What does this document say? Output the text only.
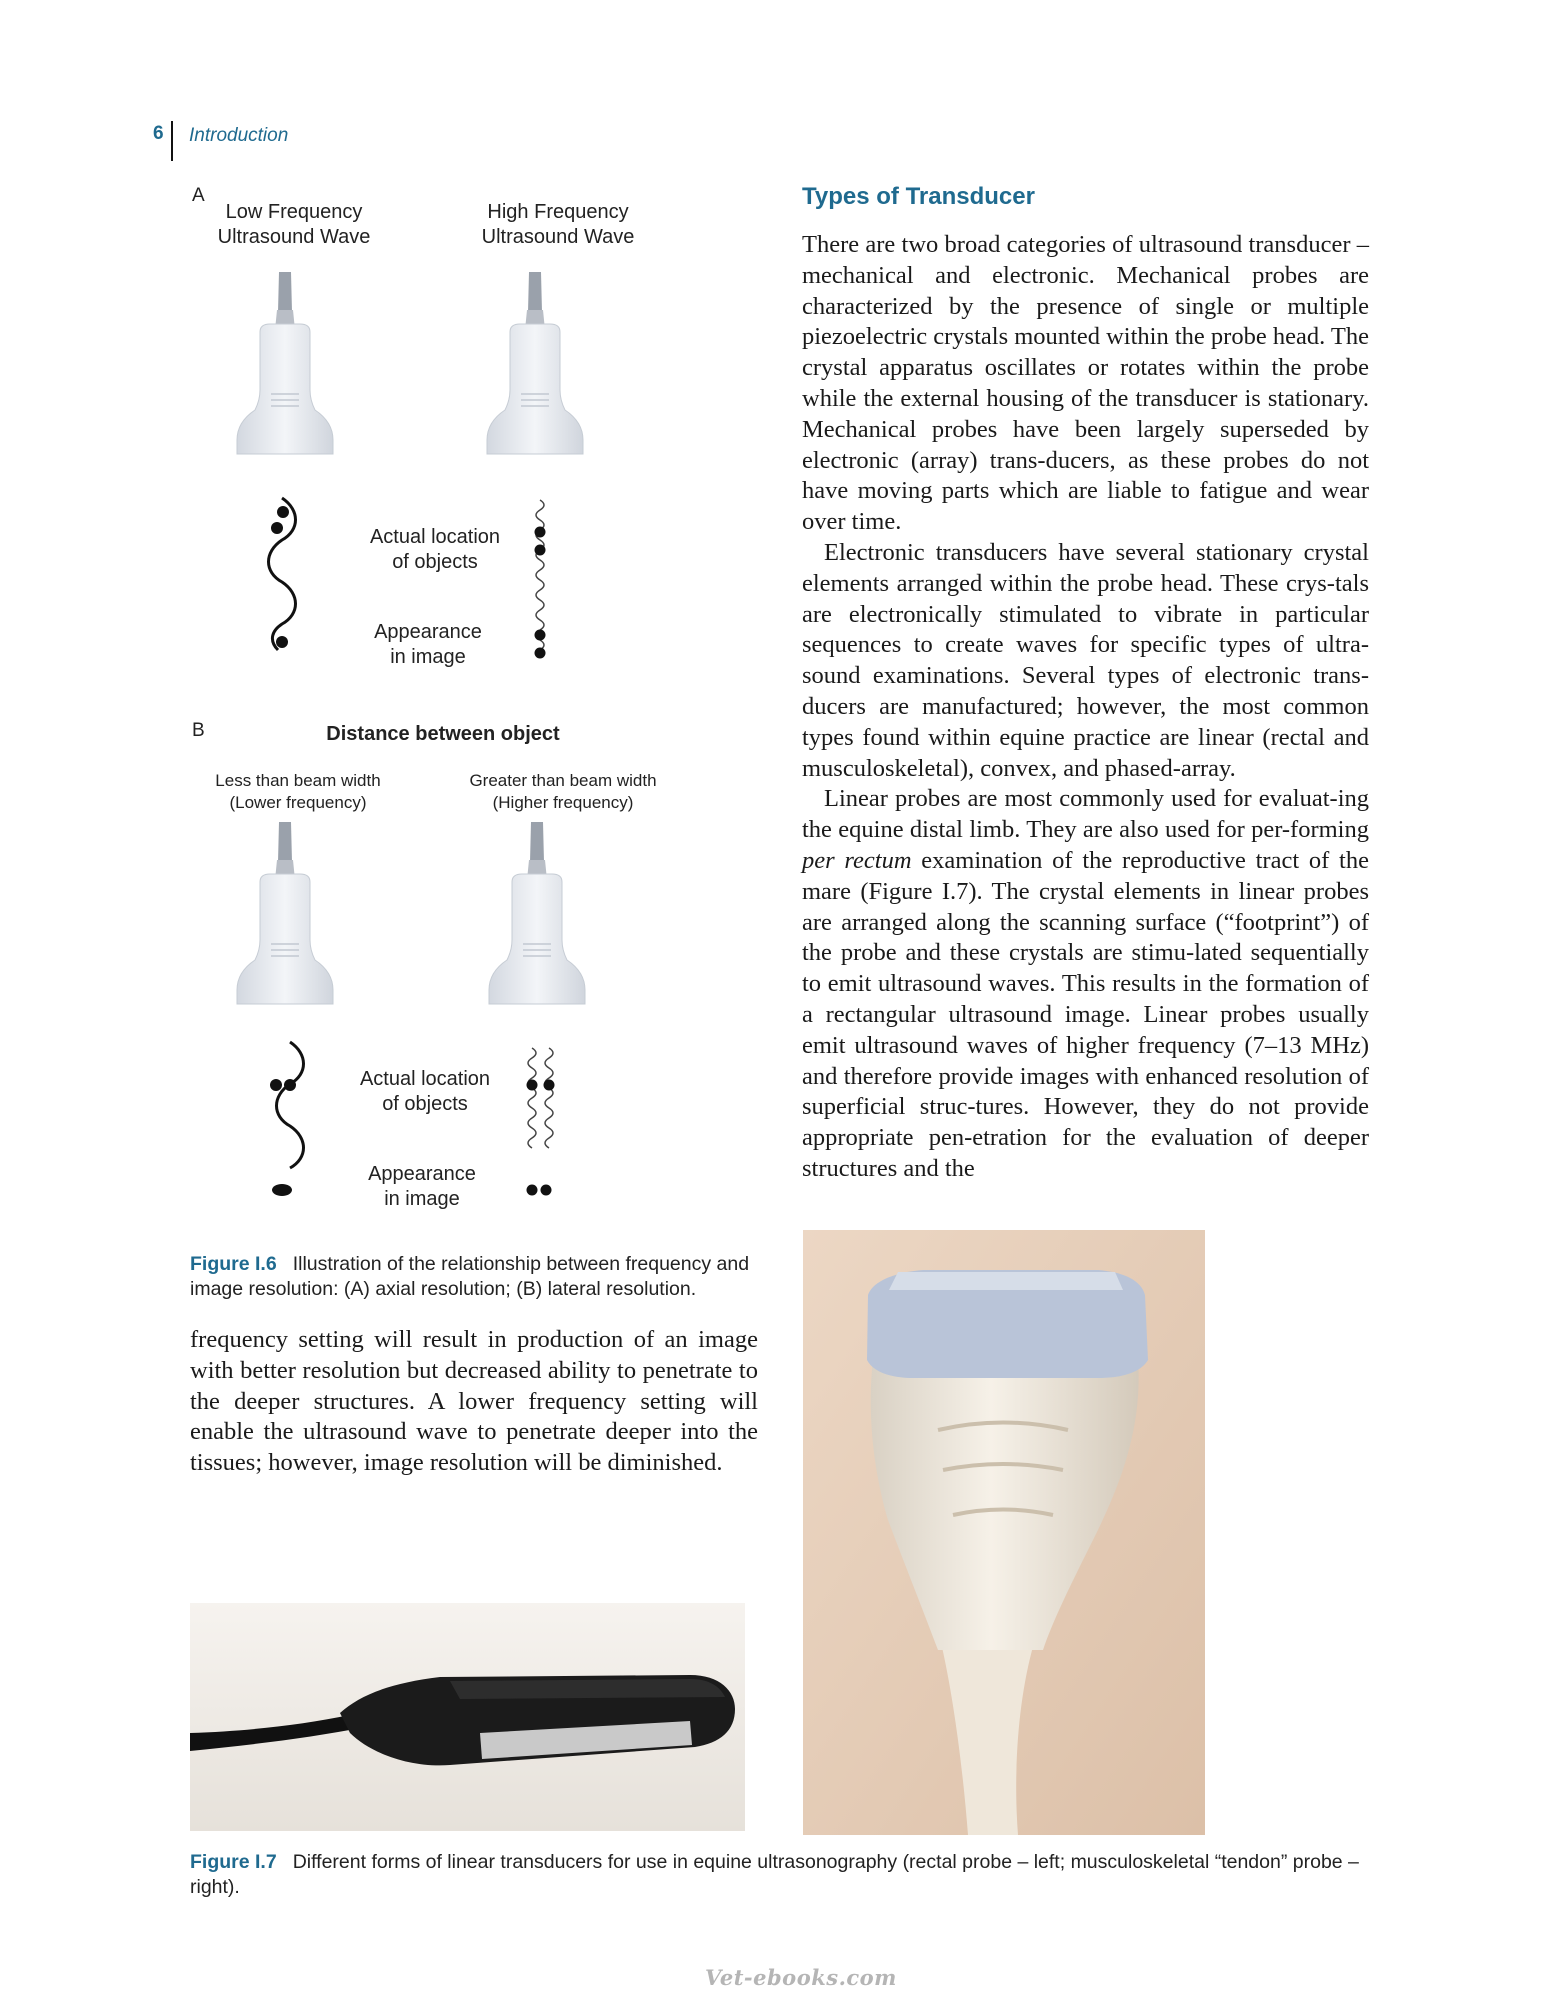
6 Introduction
A
Low Frequency
Ultrasound Wave
High Frequency
Ultrasound Wave
Actual location
of objects
Appearance
in image
B	Distance between object
Less than beam width
(Lower frequency)
Greater than beam width
(Higher frequency)
Actual location
of objects
Appearance
in image
Figure I.6 Illustration of the relationship between frequency and image resolution: (A) axial resolution; (B) lateral resolution.

frequency setting will result in production of an image with better resolution but decreased ability to penetrate to the deeper structures. A lower frequency setting will enable the ultrasound wave to penetrate deeper into the tissues; however, image resolution will be diminished.

Types of Transducer

There are two broad categories of ultrasound transducer – mechanical and electronic. Mechanical probes are characterized by the presence of single or multiple piezoelectric crystals mounted within the probe head. The crystal apparatus oscillates or rotates within the probe while the external housing of the transducer is stationary. Mechanical probes have been largely superseded by electronic (array) trans-ducers, as these probes do not have moving parts which are liable to fatigue and wear over time.

Electronic transducers have several stationary crystal elements arranged within the probe head. These crys-tals are electronically stimulated to vibrate in particular sequences to create waves for specific types of ultra-sound examinations. Several types of electronic trans-ducers are manufactured; however, the most common types found within equine practice are linear (rectal and musculoskeletal), convex, and phased-array.

Linear probes are most commonly used for evaluat-ing the equine distal limb. They are also used for per-forming per rectum examination of the reproductive tract of the mare (Figure I.7). The crystal elements in linear probes are arranged along the scanning surface (“footprint”) of the probe and these crystals are stimu-lated sequentially to emit ultrasound waves. This results in the formation of a rectangular ultrasound image. Linear probes usually emit ultrasound waves of higher frequency (7–13 MHz) and therefore provide images with enhanced resolution of superficial struc-tures. However, they do not provide appropriate pen-etration for the evaluation of deeper structures and the

Figure I.7 Different forms of linear transducers for use in equine ultrasonography (rectal probe – left; musculoskeletal “tendon” probe – right).
Vet-ebooks.com
